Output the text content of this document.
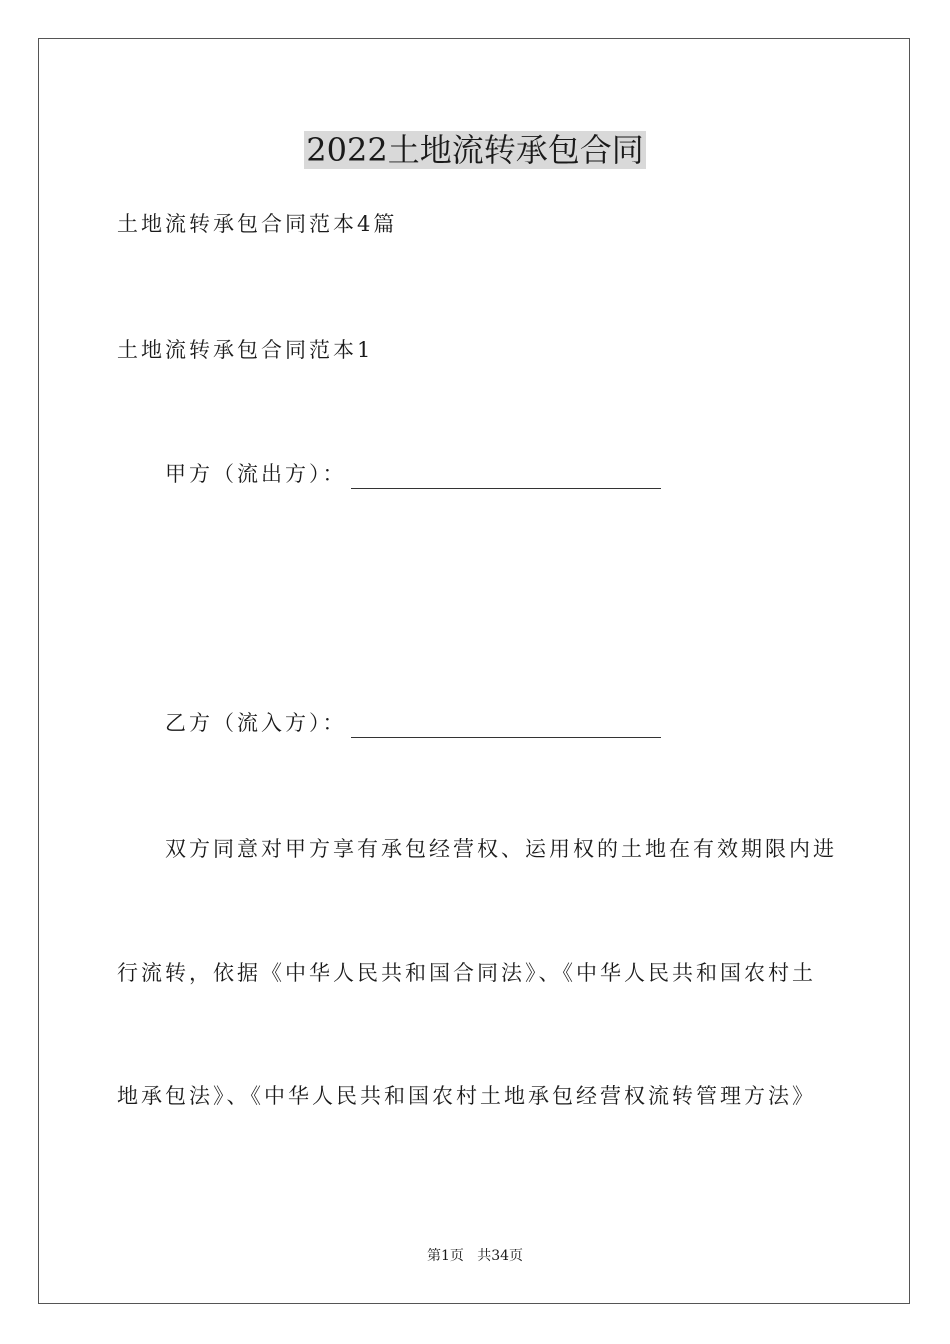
2022土地流转承包合同
土地流转承包合同范本4篇
土地流转承包合同范本1
甲方（流出方）：
乙方（流入方）：
双方同意对甲方享有承包经营权、运用权的土地在有效期限内进
行流转，依据《中华人民共和国合同法》、《中华人民共和国农村土
地承包法》、《中华人民共和国农村土地承包经营权流转管理方法》
第1页   共34页
